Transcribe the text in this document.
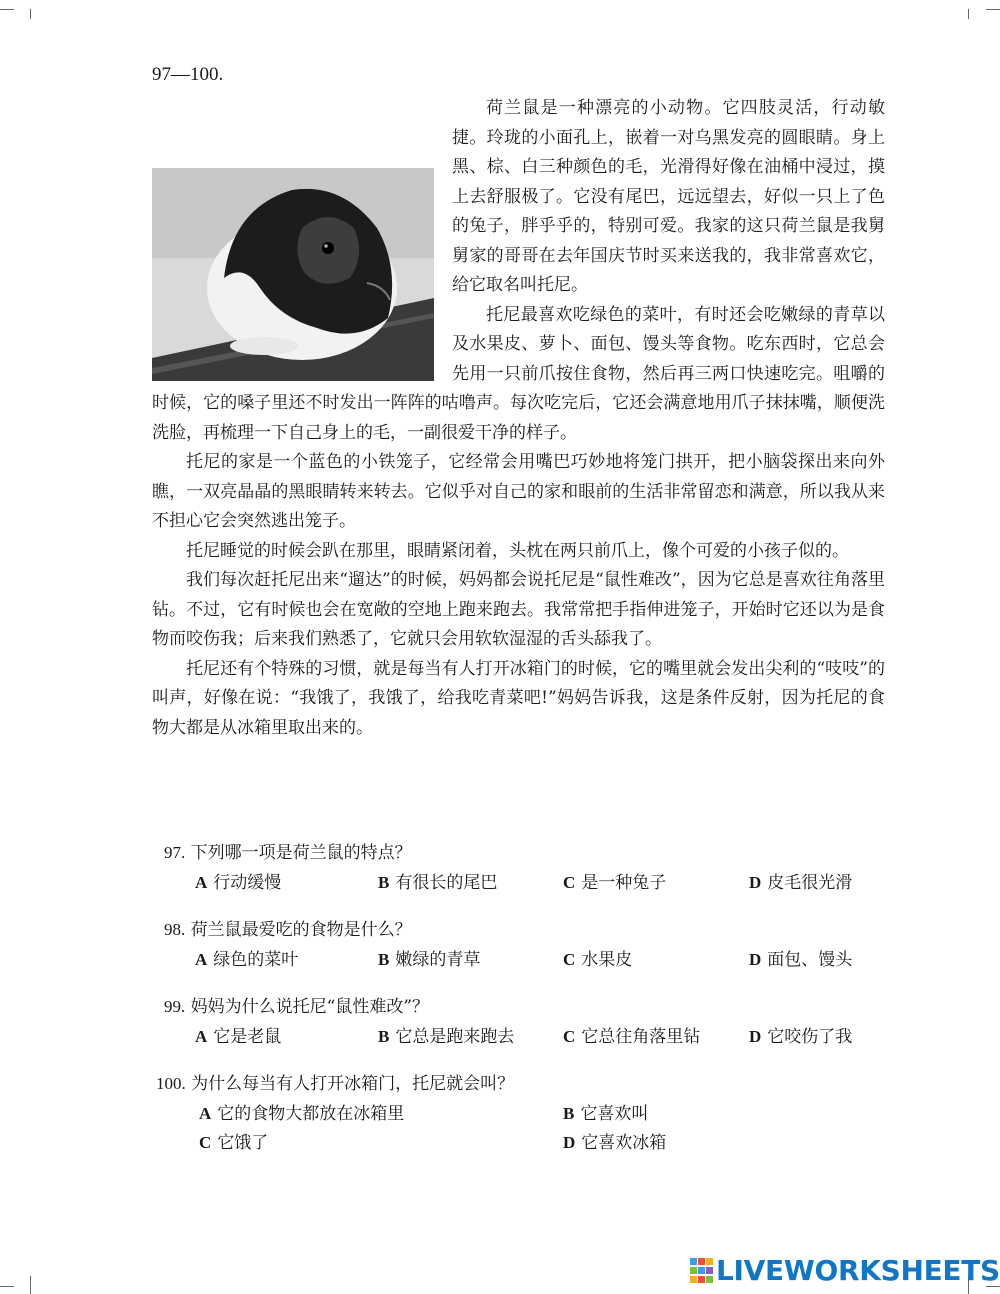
97—100.

荷兰鼠是一种漂亮的小动物。它四肢灵活，行动敏捷。玲珑的小面孔上，嵌着一对乌黑发亮的圆眼睛。身上黑、棕、白三种颜色的毛，光滑得好像在油桶中浸过，摸上去舒服极了。它没有尾巴，远远望去，好似一只上了色的兔子，胖乎乎的，特别可爱。我家的这只荷兰鼠是我舅舅家的哥哥在去年国庆节时买来送我的，我非常喜欢它，给它取名叫托尼。

托尼最喜欢吃绿色的菜叶，有时还会吃嫩绿的青草以及水果皮、萝卜、面包、馒头等食物。吃东西时，它总会先用一只前爪按住食物，然后再三两口快速吃完。咀嚼的时候，它的嗓子里还不时发出一阵阵的咕噜声。每次吃完后，它还会满意地用爪子抹抹嘴，顺便洗洗脸，再梳理一下自己身上的毛，一副很爱干净的样子。

托尼的家是一个蓝色的小铁笼子，它经常会用嘴巴巧妙地将笼门拱开，把小脑袋探出来向外瞧，一双亮晶晶的黑眼睛转来转去。它似乎对自己的家和眼前的生活非常留恋和满意，所以我从来不担心它会突然逃出笼子。

托尼睡觉的时候会趴在那里，眼睛紧闭着，头枕在两只前爪上，像个可爱的小孩子似的。

我们每次赶托尼出来“遛达”的时候，妈妈都会说托尼是“鼠性难改”，因为它总是喜欢往角落里钻。不过，它有时候也会在宽敞的空地上跑来跑去。我常常把手指伸进笼子，开始时它还以为是食物而咬伤我；后来我们熟悉了，它就只会用软软湿湿的舌头舔我了。

托尼还有个特殊的习惯，就是每当有人打开冰箱门的时候，它的嘴里就会发出尖利的“吱吱”的叫声，好像在说：“我饿了，我饿了，给我吃青菜吧!”妈妈告诉我，这是条件反射，因为托尼的食物大都是从冰箱里取出来的。

97. 下列哪一项是荷兰鼠的特点？
A 行动缓慢	B 有很长的尾巴	C 是一种兔子	D 皮毛很光滑
98. 荷兰鼠最爱吃的食物是什么？
A 绿色的菜叶	B 嫩绿的青草	C 水果皮	D 面包、馒头
99. 妈妈为什么说托尼“鼠性难改”？
A 它是老鼠	B 它总是跑来跑去	C 它总往角落里钻	D 它咬伤了我
100. 为什么每当有人打开冰箱门，托尼就会叫？
A 它的食物大都放在冰箱里	B 它喜欢叫
C 它饿了	D 它喜欢冰箱
LIVEWORKSHEETS
